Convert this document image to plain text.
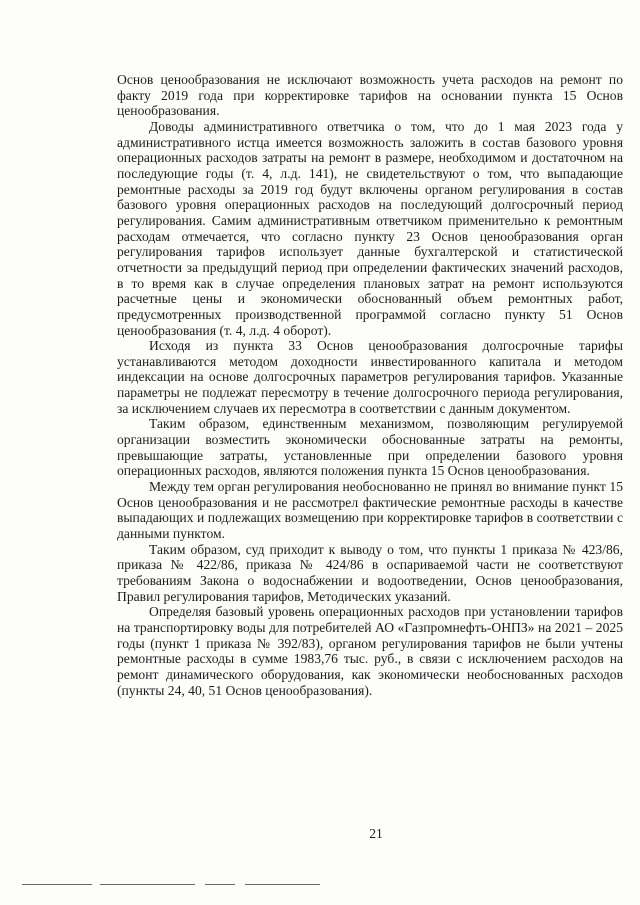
Основ ценообразования не исключают возможность учета расходов на ремонт по факту 2019 года при корректировке тарифов на основании пункта 15 Основ ценообразования.

Доводы административного ответчика о том, что до 1 мая 2023 года у административного истца имеется возможность заложить в состав базового уровня операционных расходов затраты на ремонт в размере, необходимом и достаточном на последующие годы (т. 4, л.д. 141), не свидетельствуют о том, что выпадающие ремонтные расходы за 2019 год будут включены органом регулирования в состав базового уровня операционных расходов на последующий долгосрочный период регулирования. Самим административным ответчиком применительно к ремонтным расходам отмечается, что согласно пункту 23 Основ ценообразования орган регулирования тарифов использует данные бухгалтерской и статистической отчетности за предыдущий период при определении фактических значений расходов, в то время как в случае определения плановых затрат на ремонт используются расчетные цены и экономически обоснованный объем ремонтных работ, предусмотренных производственной программой согласно пункту 51 Основ ценообразования (т. 4, л.д. 4 оборот).

Исходя из пункта 33 Основ ценообразования долгосрочные тарифы устанавливаются методом доходности инвестированного капитала и методом индексации на основе долгосрочных параметров регулирования тарифов. Указанные параметры не подлежат пересмотру в течение долгосрочного периода регулирования, за исключением случаев их пересмотра в соответствии с данным документом.

Таким образом, единственным механизмом, позволяющим регулируемой организации возместить экономически обоснованные затраты на ремонты, превышающие затраты, установленные при определении базового уровня операционных расходов, являются положения пункта 15 Основ ценообразования.

Между тем орган регулирования необоснованно не принял во внимание пункт 15 Основ ценообразования и не рассмотрел фактические ремонтные расходы в качестве выпадающих и подлежащих возмещению при корректировке тарифов в соответствии с данными пунктом.

Таким образом, суд приходит к выводу о том, что пункты 1 приказа № 423/86, приказа № 422/86, приказа № 424/86 в оспариваемой части не соответствуют требованиям Закона о водоснабжении и водоотведении, Основ ценообразования, Правил регулирования тарифов, Методических указаний.

Определяя базовый уровень операционных расходов при установлении тарифов на транспортировку воды для потребителей АО «Газпромнефть-ОНПЗ» на 2021 – 2025 годы (пункт 1 приказа № 392/83), органом регулирования тарифов не были учтены ремонтные расходы в сумме 1983,76 тыс. руб., в связи с исключением расходов на ремонт динамического оборудования, как экономически необоснованных расходов (пункты 24, 40, 51 Основ ценообразования).

21
